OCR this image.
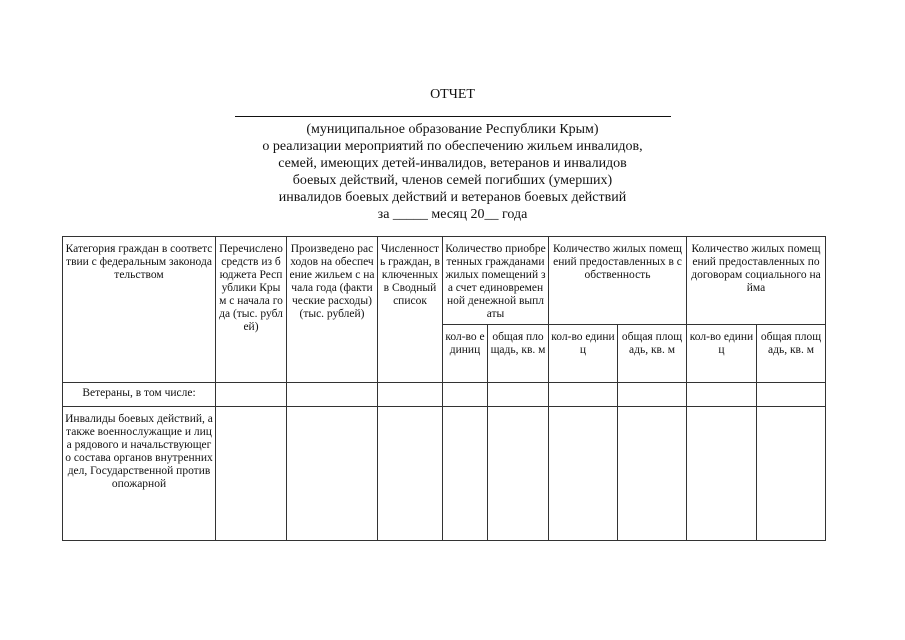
ОТЧЕТ
(муниципальное образование Республики Крым)
о реализации мероприятий по обеспечению жильем инвалидов,
семей, имеющих детей-инвалидов, ветеранов и инвалидов
боевых действий, членов семей погибших (умерших)
инвалидов боевых действий и ветеранов боевых действий
за _____ месяц 20__ года
Категория граждан в соответствии с федеральным законодательством	Перечислено средств из бюджета Республики Крым с начала года (тыс. рублей)	Произведено расходов на обеспечение жильем с начала года (фактические расходы) (тыс. рублей)	Численность граждан, включенных в Сводный список	Количество приобретенных гражданами жилых помещений за счет единовременной денежной выплаты		Количество жилых помещений предоставленных в собственность		Количество жилых помещений предоставленных по договорам социального найма	
				кол-во единиц	общая площадь, кв. м	кол-во единиц	общая площадь, кв. м	кол-во единиц	общая площадь, кв. м
Ветераны, в том числе:									
Инвалиды боевых действий, а также военнослужащие и лица рядового и начальствующего состава органов внутренних дел, Государственной противопожарной									
